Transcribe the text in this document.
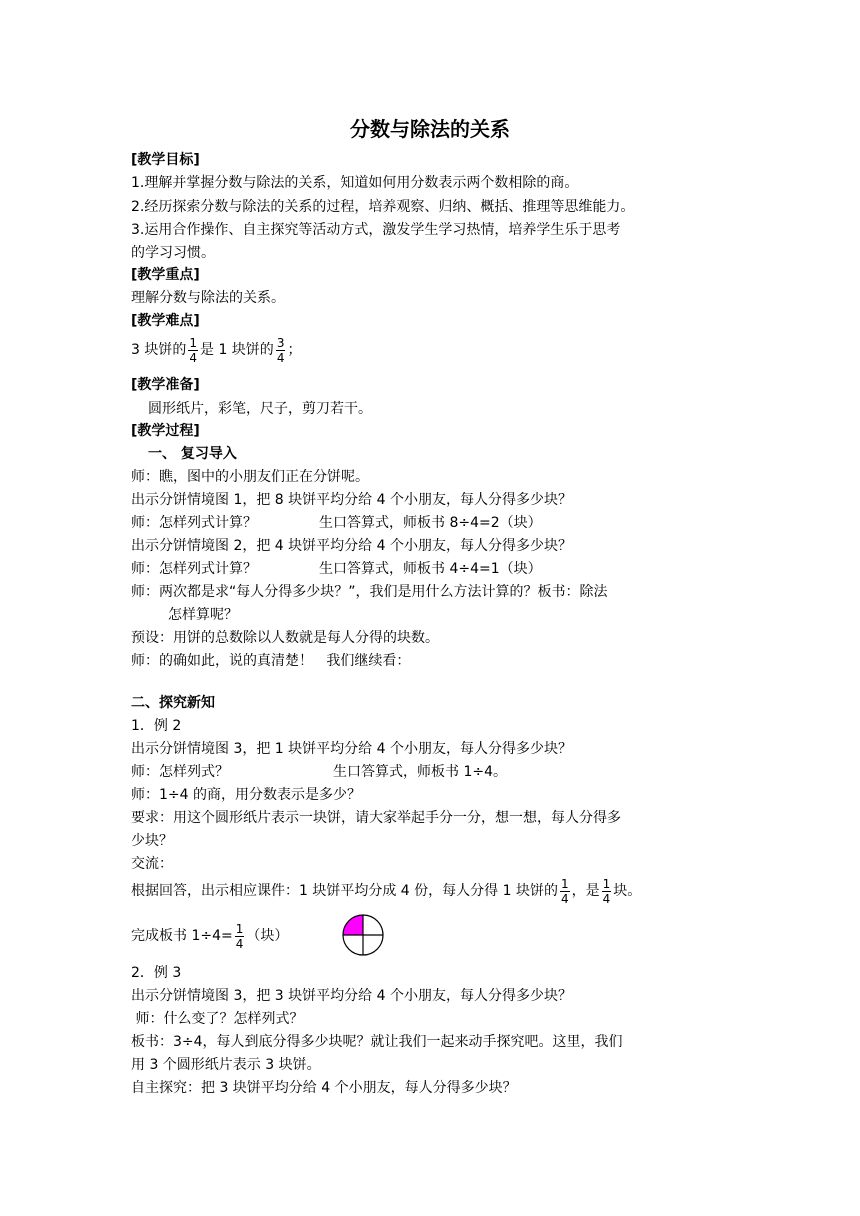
分数与除法的关系
[教学目标]
1.理解并掌握分数与除法的关系，知道如何用分数表示两个数相除的商。
2.经历探索分数与除法的关系的过程，培养观察、归纳、概括、推理等思维能力。
3.运用合作操作、自主探究等活动方式，激发学生学习热情，培养学生乐于思考
的学习习惯。
[教学重点]
理解分数与除法的关系。
[教学难点]
3 块饼的 $\frac{1}{4}$ 是 1 块饼的 $\frac{3}{4}$ ；
[教学准备]
圆形纸片，彩笔，尺子，剪刀若干。
[教学过程]
一、 复习导入
师：瞧，图中的小朋友们正在分饼呢。
出示分饼情境图 1，把 8 块饼平均分给 4 个小朋友，每人分得多少块？
师：怎样列式计算？	生口答算式，师板书 8÷4=2（块）
出示分饼情境图 2，把 4 块饼平均分给 4 个小朋友，每人分得多少块？
师：怎样列式计算？	生口答算式，师板书 4÷4=1（块）
师：两次都是求“每人分得多少块？”，我们是用什么方法计算的？板书：除法
怎样算呢？
预设：用饼的总数除以人数就是每人分得的块数。
师：的确如此，说的真清楚！   我们继续看：
二、探究新知
1．例 2
出示分饼情境图 3，把 1 块饼平均分给 4 个小朋友，每人分得多少块？
师：怎样列式？	生口答算式，师板书 1÷4。
师：1÷4 的商，用分数表示是多少？
要求：用这个圆形纸片表示一块饼，请大家举起手分一分，想一想，每人分得多
少块？
交流：
根据回答，出示相应课件：1 块饼平均分成 4 份，每人分得 1 块饼的 $\frac{1}{4}$ ，是 $\frac{1}{4}$ 块。
完成板书 $1\div 4= \frac{1}{4}$ （块）
2．例 3
出示分饼情境图 3，把 3 块饼平均分给 4 个小朋友，每人分得多少块？
师：什么变了？怎样列式？
板书：3÷4，每人到底分得多少块呢？就让我们一起来动手探究吧。这里，我们
用 3 个圆形纸片表示 3 块饼。
自主探究：把 3 块饼平均分给 4 个小朋友，每人分得多少块？
